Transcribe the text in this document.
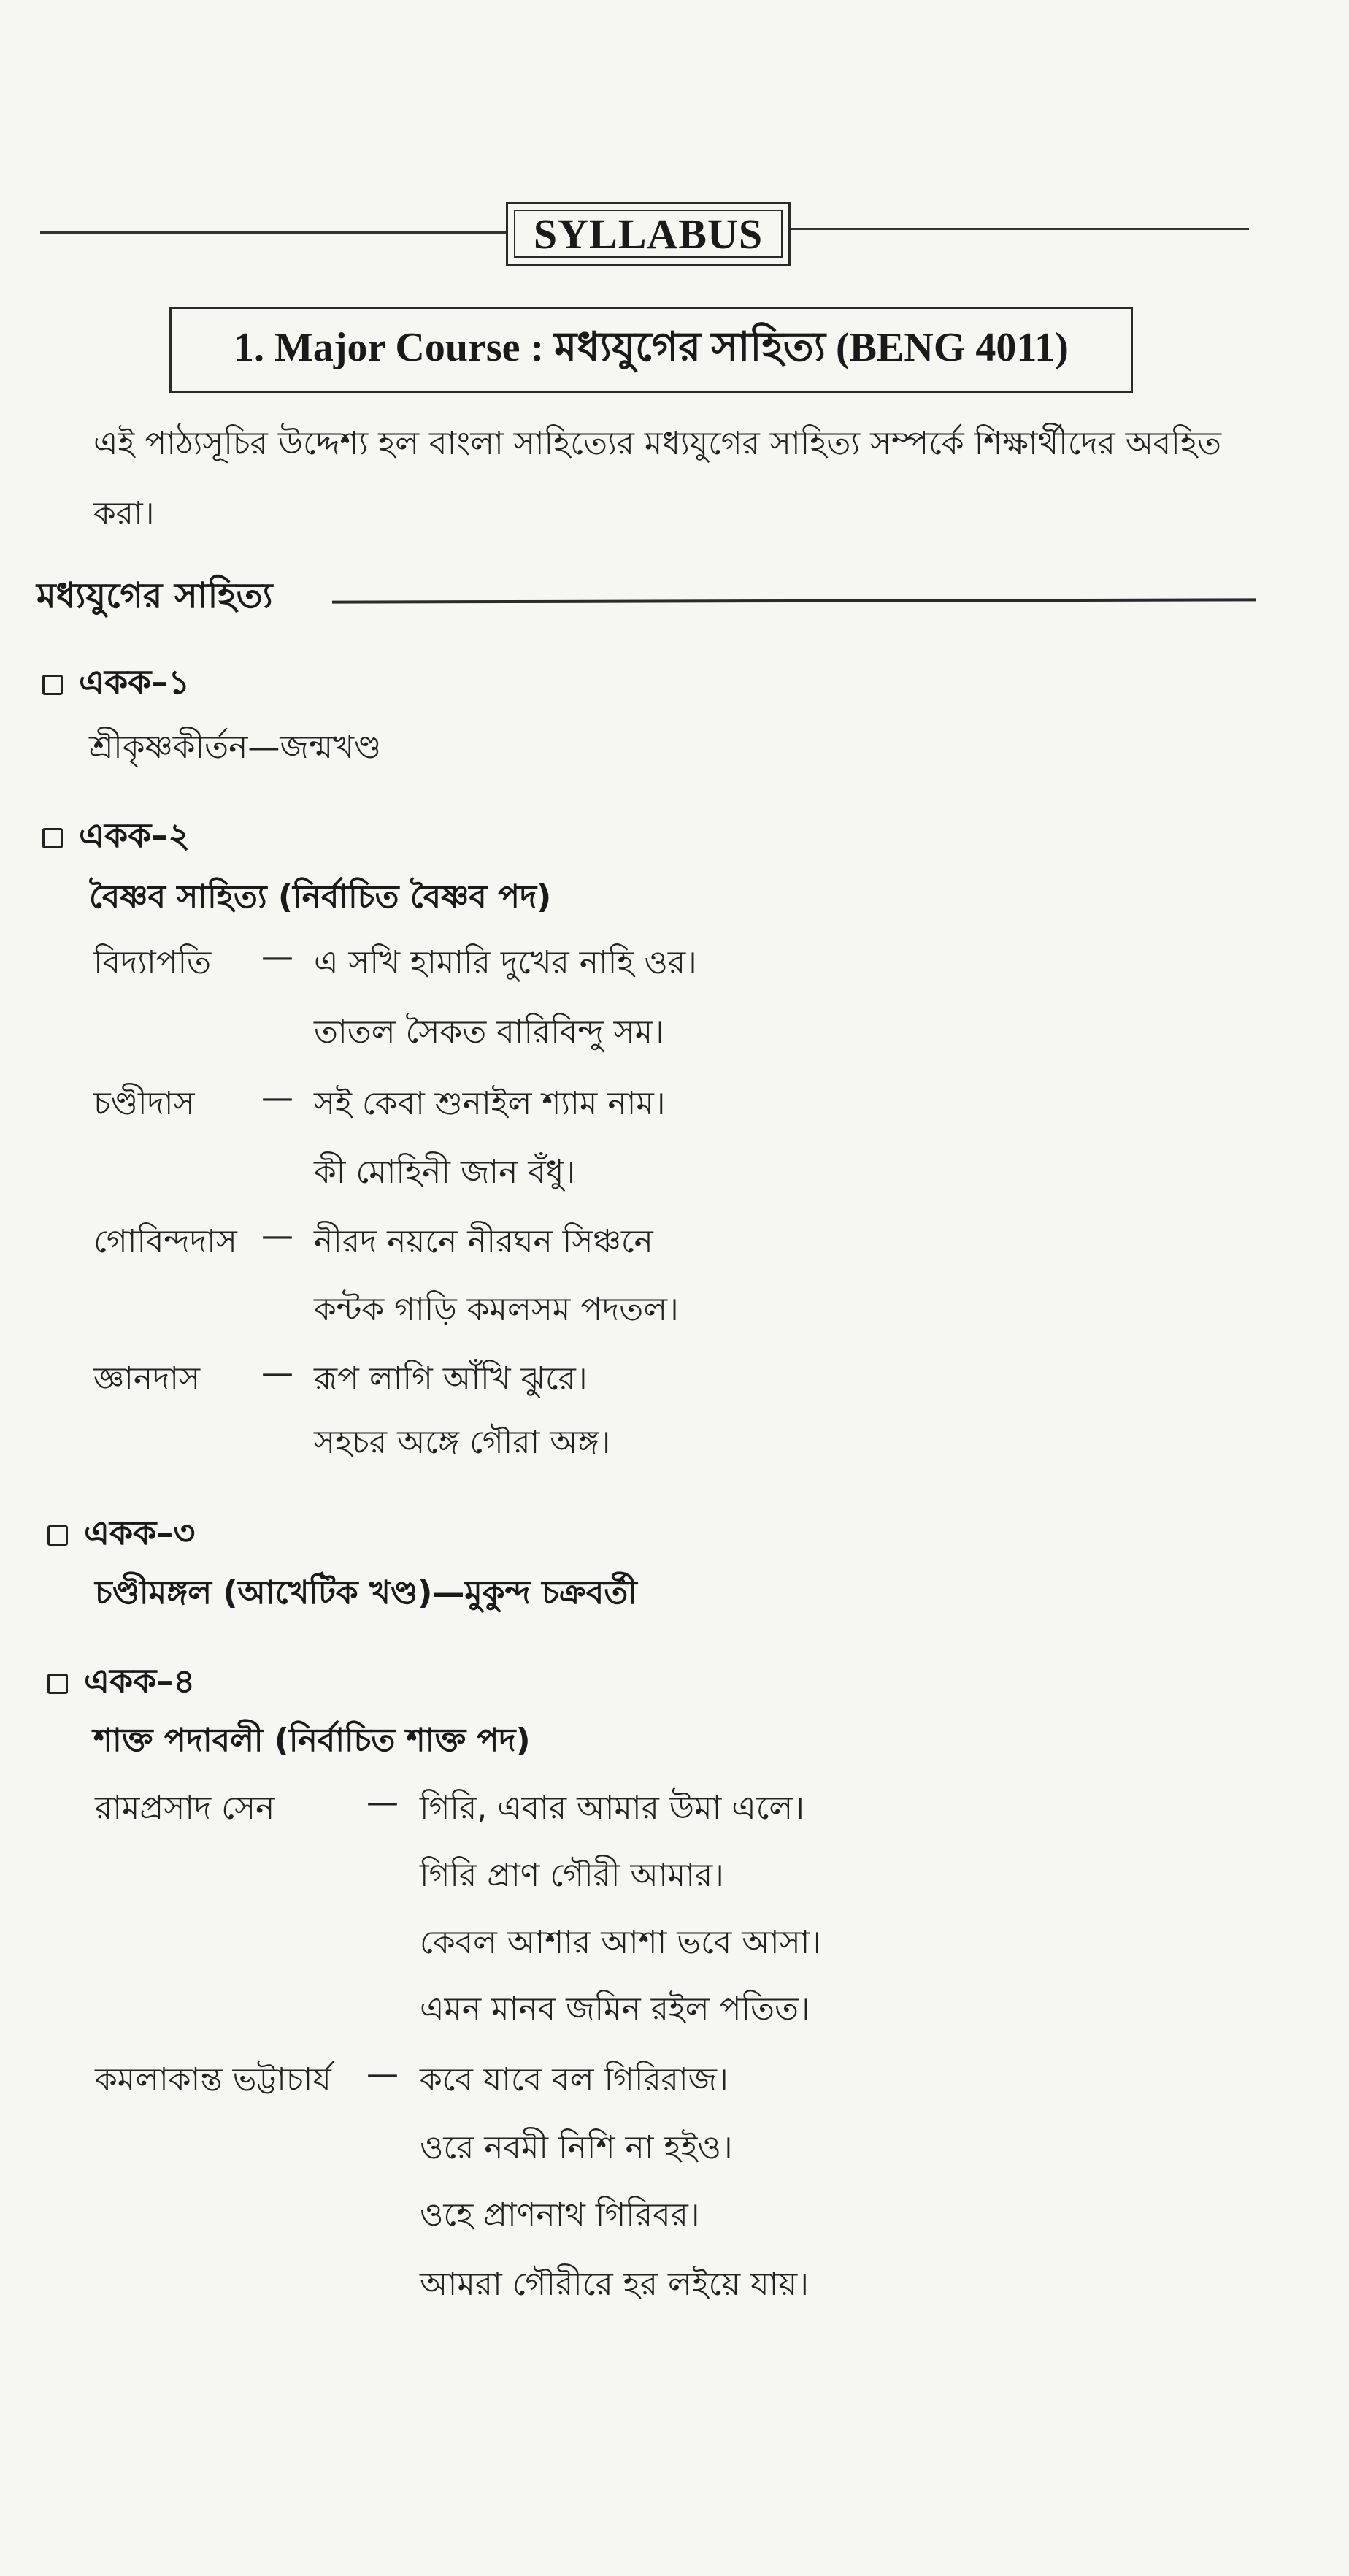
SYLLABUS
1. Major Course : মধ্যযুগের সাহিত্য (BENG 4011)
এই পাঠ্যসূচির উদ্দেশ্য হল বাংলা সাহিত্যের মধ্যযুগের সাহিত্য সম্পর্কে শিক্ষার্থীদের অবহিত করা।
মধ্যযুগের সাহিত্য
একক–১
শ্রীকৃষ্ণকীর্তন—জন্মখণ্ড
একক–২
বৈষ্ণব সাহিত্য (নির্বাচিত বৈষ্ণব পদ)
বিদ্যাপতি — এ সখি হামারি দুখের নাহি ওর।
তাতল সৈকত বারিবিন্দু সম।
চণ্ডীদাস — সই কেবা শুনাইল শ্যাম নাম।
কী মোহিনী জান বঁধু।
গোবিন্দদাস — নীরদ নয়নে নীরঘন সিঞ্চনে
কন্টক গাড়ি কমলসম পদতল।
জ্ঞানদাস — রূপ লাগি আঁখি ঝুরে।
সহচর অঙ্গে গৌরা অঙ্গ।
একক–৩
চণ্ডীমঙ্গল (আখেটিক খণ্ড)—মুকুন্দ চক্রবর্তী
একক–৪
শাক্ত পদাবলী (নির্বাচিত শাক্ত পদ)
রামপ্রসাদ সেন	— গিরি, এবার আমার উমা এলে।
গিরি প্রাণ গৌরী আমার।
কেবল আশার আশা ভবে আসা।
এমন মানব জমিন রইল পতিত।
কমলাকান্ত ভট্টাচার্য — কবে যাবে বল গিরিরাজ।
ওরে নবমী নিশি না হইও।
ওহে প্রাণনাথ গিরিবর।
আমরা গৌরীরে হর লইয়ে যায়।
